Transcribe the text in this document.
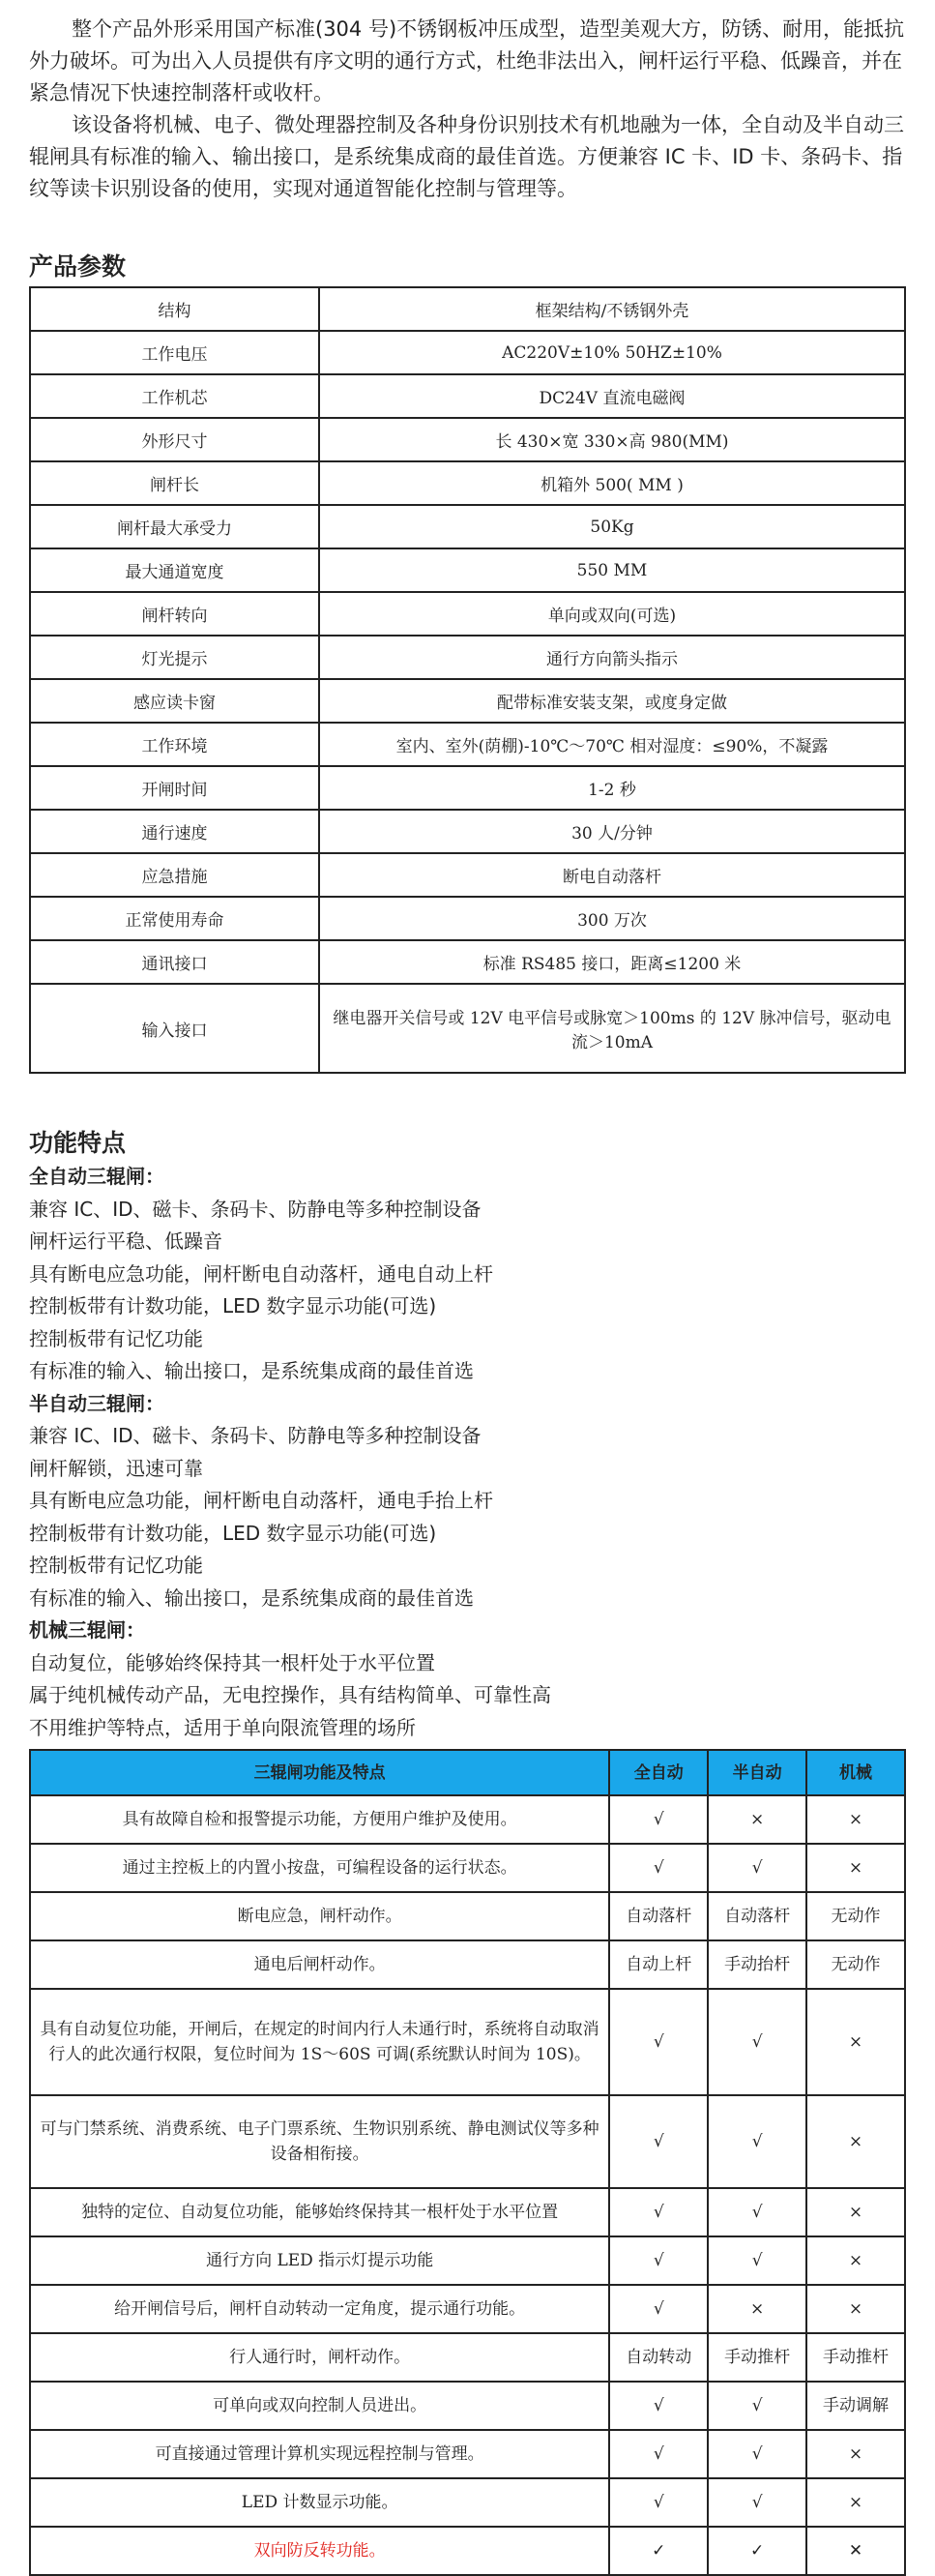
整个产品外形采用国产标准(304 号)不锈钢板冲压成型，造型美观大方，防锈、耐用，能抵抗外力破坏。可为出入人员提供有序文明的通行方式，杜绝非法出入，闸杆运行平稳、低躁音，并在紧急情况下快速控制落杆或收杆。

该设备将机械、电子、微处理器控制及各种身份识别技术有机地融为一体，全自动及半自动三辊闸具有标准的输入、输出接口，是系统集成商的最佳首选。方便兼容 IC 卡、ID 卡、条码卡、指纹等读卡识别设备的使用，实现对通道智能化控制与管理等。

产品参数
结构	框架结构/不锈钢外壳
工作电压	AC220V±10% 50HZ±10%
工作机芯	DC24V 直流电磁阀
外形尺寸	长 430×宽 330×高 980(MM)
闸杆长	机箱外 500( MM )
闸杆最大承受力	50Kg
最大通道宽度	550 MM
闸杆转向	单向或双向(可选)
灯光提示	通行方向箭头指示
感应读卡窗	配带标准安装支架，或度身定做
工作环境	室内、室外(荫棚)-10℃～70℃ 相对湿度：≤90%，不凝露
开闸时间	1-2 秒
通行速度	30 人/分钟
应急措施	断电自动落杆
正常使用寿命	300 万次
通讯接口	标准 RS485 接口，距离≤1200 米
输入接口	继电器开关信号或 12V 电平信号或脉宽＞100ms 的 12V 脉冲信号，驱动电流＞10mA
功能特点
全自动三辊闸：
兼容 IC、ID、磁卡、条码卡、防静电等多种控制设备
闸杆运行平稳、低躁音
具有断电应急功能，闸杆断电自动落杆，通电自动上杆
控制板带有计数功能，LED 数字显示功能(可选)
控制板带有记忆功能
有标准的输入、输出接口，是系统集成商的最佳首选
半自动三辊闸：
兼容 IC、ID、磁卡、条码卡、防静电等多种控制设备
闸杆解锁，迅速可靠
具有断电应急功能，闸杆断电自动落杆，通电手抬上杆
控制板带有计数功能，LED 数字显示功能(可选)
控制板带有记忆功能
有标准的输入、输出接口，是系统集成商的最佳首选
机械三辊闸：
自动复位，能够始终保持其一根杆处于水平位置
属于纯机械传动产品，无电控操作，具有结构简单、可靠性高
不用维护等特点，适用于单向限流管理的场所
三辊闸功能及特点	全自动	半自动	机械
具有故障自检和报警提示功能，方便用户维护及使用。	√	×	×
通过主控板上的内置小按盘，可编程设备的运行状态。	√	√	×
断电应急，闸杆动作。	自动落杆	自动落杆	无动作
通电后闸杆动作。	自动上杆	手动抬杆	无动作
具有自动复位功能，开闸后，在规定的时间内行人未通行时，系统将自动取消行人的此次通行权限，复位时间为 1S～60S 可调(系统默认时间为 10S)。	√	√	×
可与门禁系统、消费系统、电子门票系统、生物识别系统、静电测试仪等多种设备相衔接。	√	√	×
独特的定位、自动复位功能，能够始终保持其一根杆处于水平位置	√	√	×
通行方向 LED 指示灯提示功能	√	√	×
给开闸信号后，闸杆自动转动一定角度，提示通行功能。	√	×	×
行人通行时，闸杆动作。	自动转动	手动推杆	手动推杆
可单向或双向控制人员进出。	√	√	手动调解
可直接通过管理计算机实现远程控制与管理。	√	√	×
LED 计数显示功能。	√	√	×
双向防反转功能。	✓	✓	✕
